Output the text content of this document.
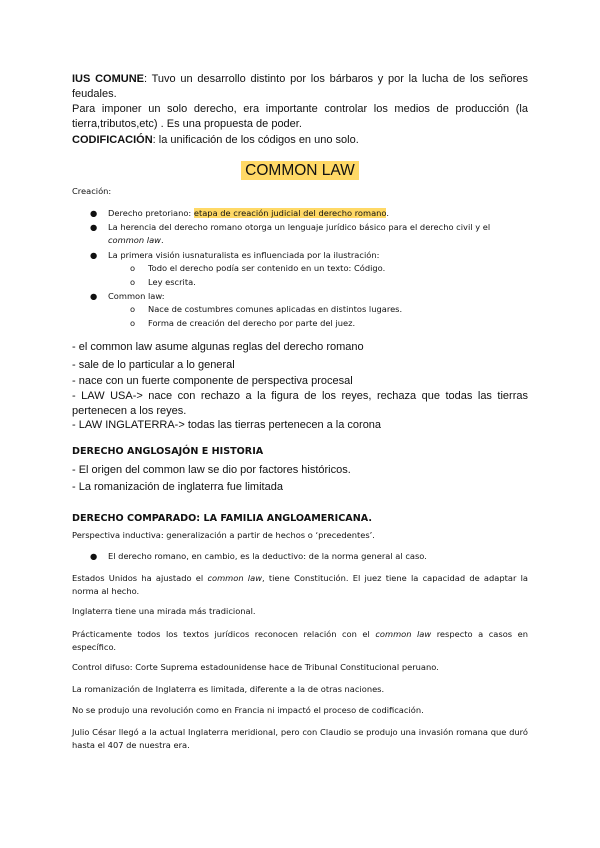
IUS COMUNE: Tuvo un desarrollo distinto por los bárbaros y por la lucha de los señores feudales.

Para imponer un solo derecho, era importante controlar los medios de producción (la tierra,tributos,etc) . Es una propuesta de poder.

CODIFICACIÓN: la unificación de los códigos en uno solo.

COMMON LAW

Creación:

● Derecho pretoriano: etapa de creación judicial del derecho romano.

● La herencia del derecho romano otorga un lenguaje jurídico básico para el derecho civil y el common law.

● La primera visión iusnaturalista es influenciada por la ilustración:

o Todo el derecho podía ser contenido en un texto: Código.

o Ley escrita.

● Common law:

o Nace de costumbres comunes aplicadas en distintos lugares.

o Forma de creación del derecho por parte del juez.

- el common law asume algunas reglas del derecho romano

- sale de lo particular a lo general

- nace con un fuerte componente de perspectiva procesal

- LAW USA-> nace con rechazo a la figura de los reyes, rechaza que todas las tierras pertenecen a los reyes.

- LAW INGLATERRA-> todas las tierras pertenecen a la corona

DERECHO ANGLOSAJÓN E HISTORIA

- El origen del common law se dio por factores históricos.

- La romanización de inglaterra fue limitada

DERECHO COMPARADO: LA FAMILIA ANGLOAMERICANA.

Perspectiva inductiva: generalización a partir de hechos o ‘precedentes’.

● El derecho romano, en cambio, es la deductivo: de la norma general al caso.

Estados Unidos ha ajustado el common law, tiene Constitución. El juez tiene la capacidad de adaptar la norma al hecho.

Inglaterra tiene una mirada más tradicional.

Prácticamente todos los textos jurídicos reconocen relación con el common law respecto a casos en específico.

Control difuso: Corte Suprema estadounidense hace de Tribunal Constitucional peruano.

La romanización de Inglaterra es limitada, diferente a la de otras naciones.

No se produjo una revolución como en Francia ni impactó el proceso de codificación.

Julio César llegó a la actual Inglaterra meridional, pero con Claudio se produjo una invasión romana que duró hasta el 407 de nuestra era.
